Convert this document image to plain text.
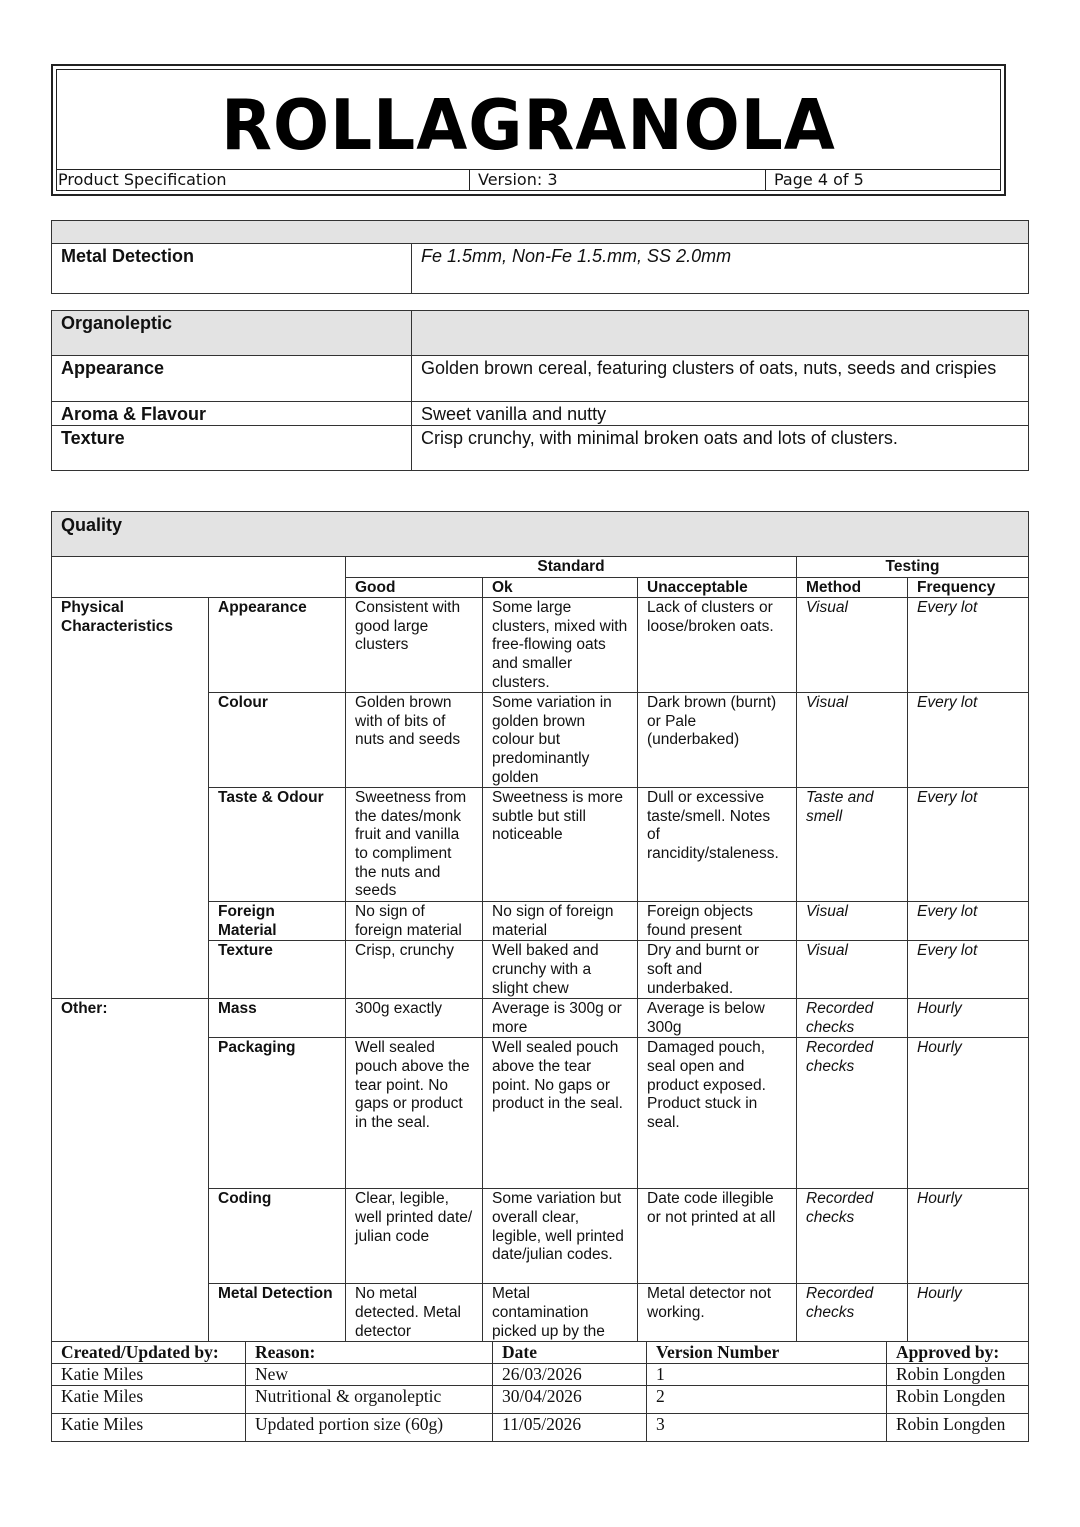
ROLLAGRANOLA
Product Specification	Version: 3	Page 4 of 5

Metal Detection	Fe 1.5mm, Non-Fe 1.5.mm, SS 2.0mm
Organoleptic	
Appearance	Golden brown cereal, featuring clusters of oats, nuts, seeds and crispies
Aroma & Flavour	Sweet vanilla and nutty
Texture	Crisp crunchy, with minimal broken oats and lots of clusters.
Quality						
		Standard			Testing	
		Good	Ok	Unacceptable	Method	Frequency
Physical Characteristics	Appearance	Consistent with good large clusters	Some large clusters, mixed with free-flowing oats and smaller clusters.	Lack of clusters or loose/broken oats.	Visual	Every lot
	Colour	Golden brown with of bits of nuts and seeds	Some variation in golden brown colour but predominantly golden	Dark brown (burnt) or Pale (underbaked)	Visual	Every lot
	Taste & Odour	Sweetness from the dates/monk fruit and vanilla to compliment the nuts and seeds	Sweetness is more subtle but still noticeable	Dull or excessive taste/smell. Notes of rancidity/staleness.	Taste and smell	Every lot
	Foreign Material	No sign of foreign material	No sign of foreign material	Foreign objects found present	Visual	Every lot
	Texture	Crisp, crunchy	Well baked and crunchy with a slight chew	Dry and burnt or soft and underbaked.	Visual	Every lot
Other:	Mass	300g exactly	Average is 300g or more	Average is below 300g	Recorded checks	Hourly
	Packaging	Well sealed pouch above the tear point. No gaps or product in the seal.	Well sealed pouch above the tear point. No gaps or product in the seal.	Damaged pouch, seal open and product exposed. Product stuck in seal.	Recorded checks	Hourly
	Coding	Clear, legible, well printed date/ julian code	Some variation but overall clear, legible, well printed date/julian codes.	Date code illegible or not printed at all	Recorded checks	Hourly
	Metal Detection	No metal detected. Metal detector	Metal contamination picked up by the	Metal detector not working.	Recorded checks	Hourly
Created/Updated by:	Reason:	Date	Version Number	Approved by:
Katie Miles	New	26/03/2026	1	Robin Longden
Katie Miles	Nutritional & organoleptic	30/04/2026	2	Robin Longden
Katie Miles	Updated portion size (60g)	11/05/2026	3	Robin Longden
